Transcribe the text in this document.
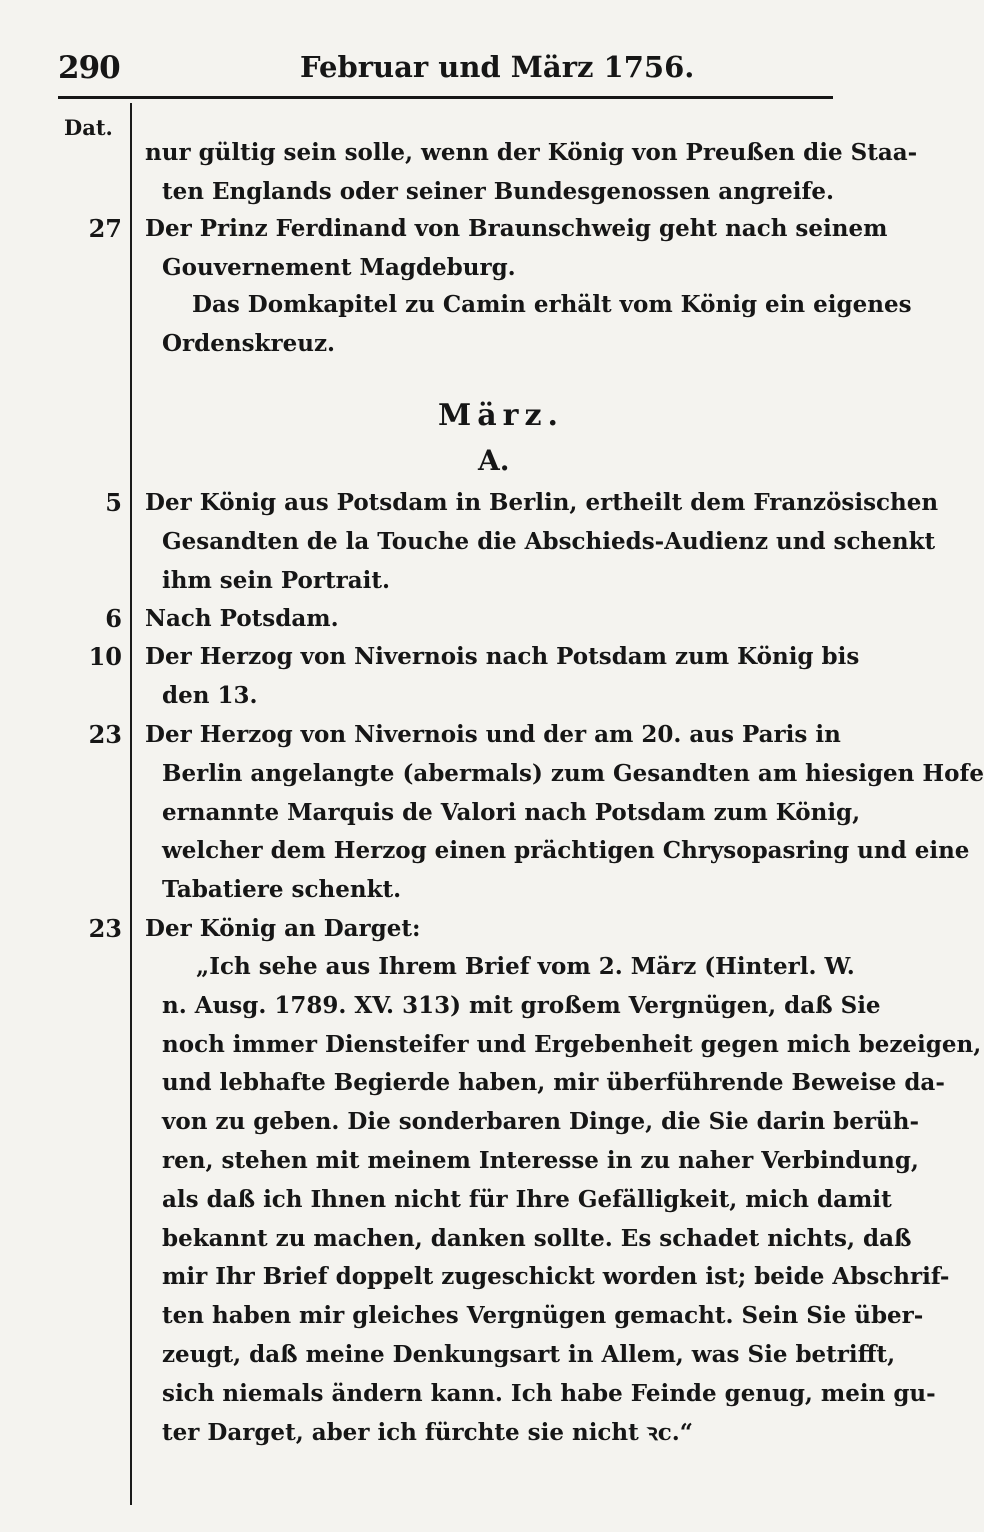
290	Februar und März 1756.
Dat.
nur gültig sein solle, wenn der König von Preußen die Staa-
ten Englands oder seiner Bundesgenossen angreife.
27 Der Prinz Ferdinand von Braunschweig geht nach seinem
Gouvernement Magdeburg.
Das Domkapitel zu Camin erhält vom König ein eigenes
Ordenskreuz.
März.
A.
5 Der König aus Potsdam in Berlin, ertheilt dem Französischen
Gesandten de la Touche die Abschieds-Audienz und schenkt
ihm sein Portrait.
6 Nach Potsdam.
10 Der Herzog von Nivernois nach Potsdam zum König bis
den 13.
23 Der Herzog von Nivernois und der am 20. aus Paris in
Berlin angelangte (abermals) zum Gesandten am hiesigen Hofe
ernannte Marquis de Valori nach Potsdam zum König,
welcher dem Herzog einen prächtigen Chrysopasring und eine
Tabatiere schenkt.
23 Der König an Darget:
„Ich sehe aus Ihrem Brief vom 2. März (Hinterl. W.
n. Ausg. 1789. XV. 313) mit großem Vergnügen, daß Sie
noch immer Diensteifer und Ergebenheit gegen mich bezeigen,
und lebhafte Begierde haben, mir überführende Beweise da-
von zu geben. Die sonderbaren Dinge, die Sie darin berüh-
ren, stehen mit meinem Interesse in zu naher Verbindung,
als daß ich Ihnen nicht für Ihre Gefälligkeit, mich damit
bekannt zu machen, danken sollte. Es schadet nichts, daß
mir Ihr Brief doppelt zugeschickt worden ist; beide Abschrif-
ten haben mir gleiches Vergnügen gemacht. Sein Sie über-
zeugt, daß meine Denkungsart in Allem, was Sie betrifft,
sich niemals ändern kann. Ich habe Feinde genug, mein gu-
ter Darget, aber ich fürchte sie nicht ꝛc.“
